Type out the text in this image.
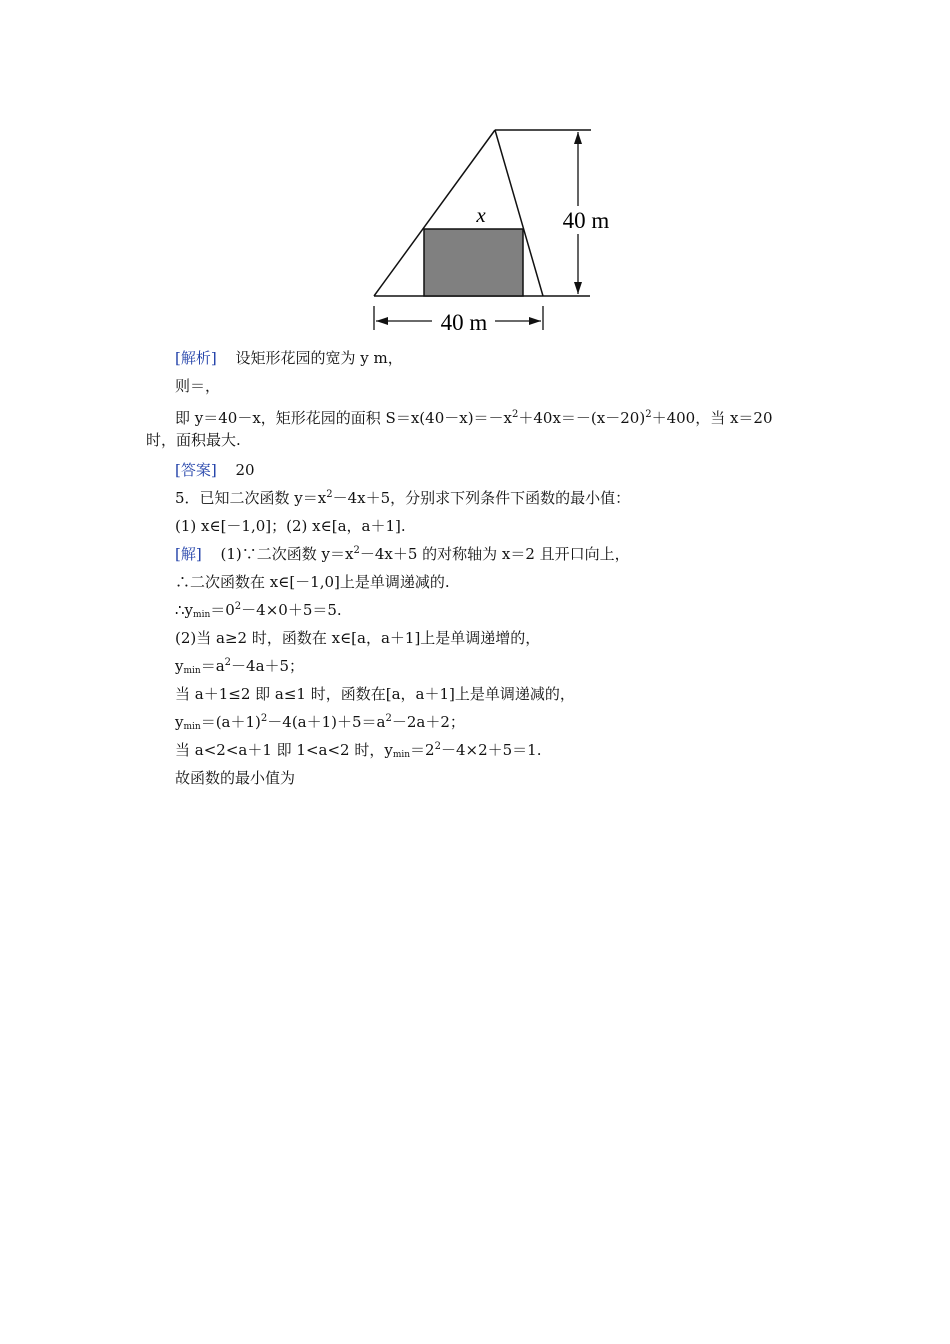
x	40 m
40 m
[解析] 设矩形花园的宽为 y m，
则＝，
即 y＝40－x，矩形花园的面积 $S=x(40-x)=-x^2+40x=-(x-20)^2+400$，当 x＝20
时，面积最大.
[答案] 20
5．已知二次函数 $y=x^2-4x+5$，分别求下列条件下函数的最小值：
(1) x∈[－1,0]；(2) x∈[a，a＋1].
[解] (1)∵二次函数 $y=x^2-4x+5$ 的对称轴为 x＝2 且开口向上，
∴二次函数在 x∈[－1,0]上是单调递减的.
$\therefore y_{min}=0^2-4\times 0+5=5$.
(2)当 a≥2 时，函数在 x∈[a，a＋1]上是单调递增的，
$y_{min}=a^2-4a+5$；
当 a＋1≤2 即 a≤1 时，函数在[a，a＋1]上是单调递减的，
$y_{min}=(a+1)^2-4(a+1)+5=a^2-2a+2$；
当 a<2<a＋1 即 1<a<2 时，$y_{min}=2^2-4\times 2+5=1$.
故函数的最小值为
